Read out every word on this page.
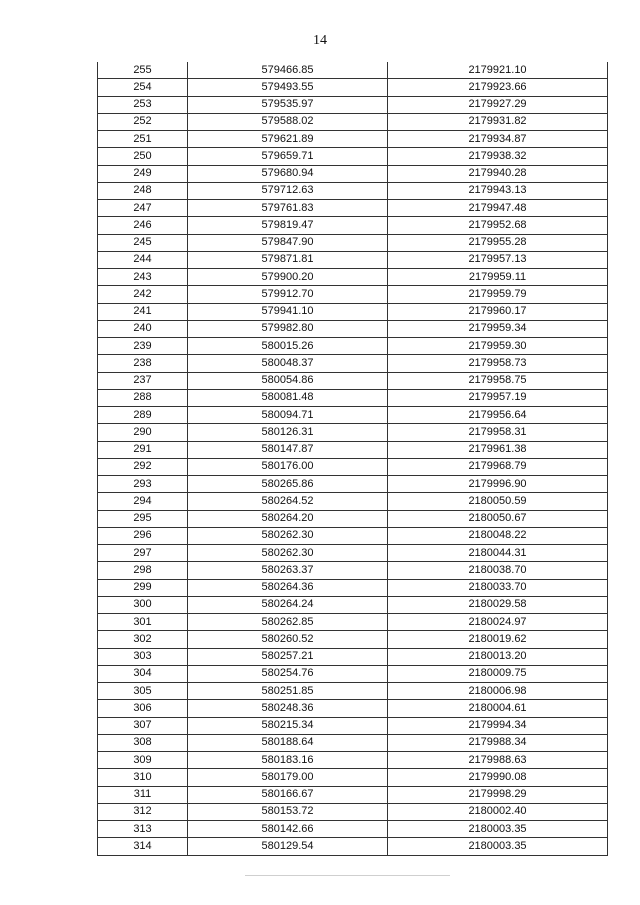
14
255	579466.85	2179921.10
254	579493.55	2179923.66
253	579535.97	2179927.29
252	579588.02	2179931.82
251	579621.89	2179934.87
250	579659.71	2179938.32
249	579680.94	2179940.28
248	579712.63	2179943.13
247	579761.83	2179947.48
246	579819.47	2179952.68
245	579847.90	2179955.28
244	579871.81	2179957.13
243	579900.20	2179959.11
242	579912.70	2179959.79
241	579941.10	2179960.17
240	579982.80	2179959.34
239	580015.26	2179959.30
238	580048.37	2179958.73
237	580054.86	2179958.75
288	580081.48	2179957.19
289	580094.71	2179956.64
290	580126.31	2179958.31
291	580147.87	2179961.38
292	580176.00	2179968.79
293	580265.86	2179996.90
294	580264.52	2180050.59
295	580264.20	2180050.67
296	580262.30	2180048.22
297	580262.30	2180044.31
298	580263.37	2180038.70
299	580264.36	2180033.70
300	580264.24	2180029.58
301	580262.85	2180024.97
302	580260.52	2180019.62
303	580257.21	2180013.20
304	580254.76	2180009.75
305	580251.85	2180006.98
306	580248.36	2180004.61
307	580215.34	2179994.34
308	580188.64	2179988.34
309	580183.16	2179988.63
310	580179.00	2179990.08
311	580166.67	2179998.29
312	580153.72	2180002.40
313	580142.66	2180003.35
314	580129.54	2180003.35
